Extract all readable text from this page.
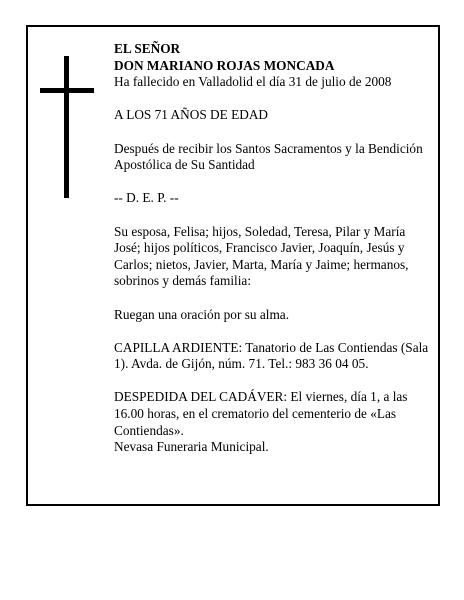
EL SEÑOR

DON MARIANO ROJAS MONCADA

Ha fallecido en Valladolid el día 31 de julio de 2008

A LOS 71 AÑOS DE EDAD

Después de recibir los Santos Sacramentos y la Bendición Apostólica de Su Santidad

-- D. E. P. --

Su esposa, Felisa; hijos, Soledad, Teresa, Pilar y María José; hijos políticos, Francisco Javier, Joaquín, Jesús y Carlos; nietos, Javier, Marta, María y Jaime; hermanos, sobrinos y demás familia:

Ruegan una oración por su alma.

CAPILLA ARDIENTE: Tanatorio de Las Contiendas (Sala 1). Avda. de Gijón, núm. 71. Tel.: 983 36 04 05.

DESPEDIDA DEL CADÁVER: El viernes, día 1, a las 16.00 horas, en el crematorio del cementerio de «Las Contiendas».

Nevasa Funeraria Municipal.
